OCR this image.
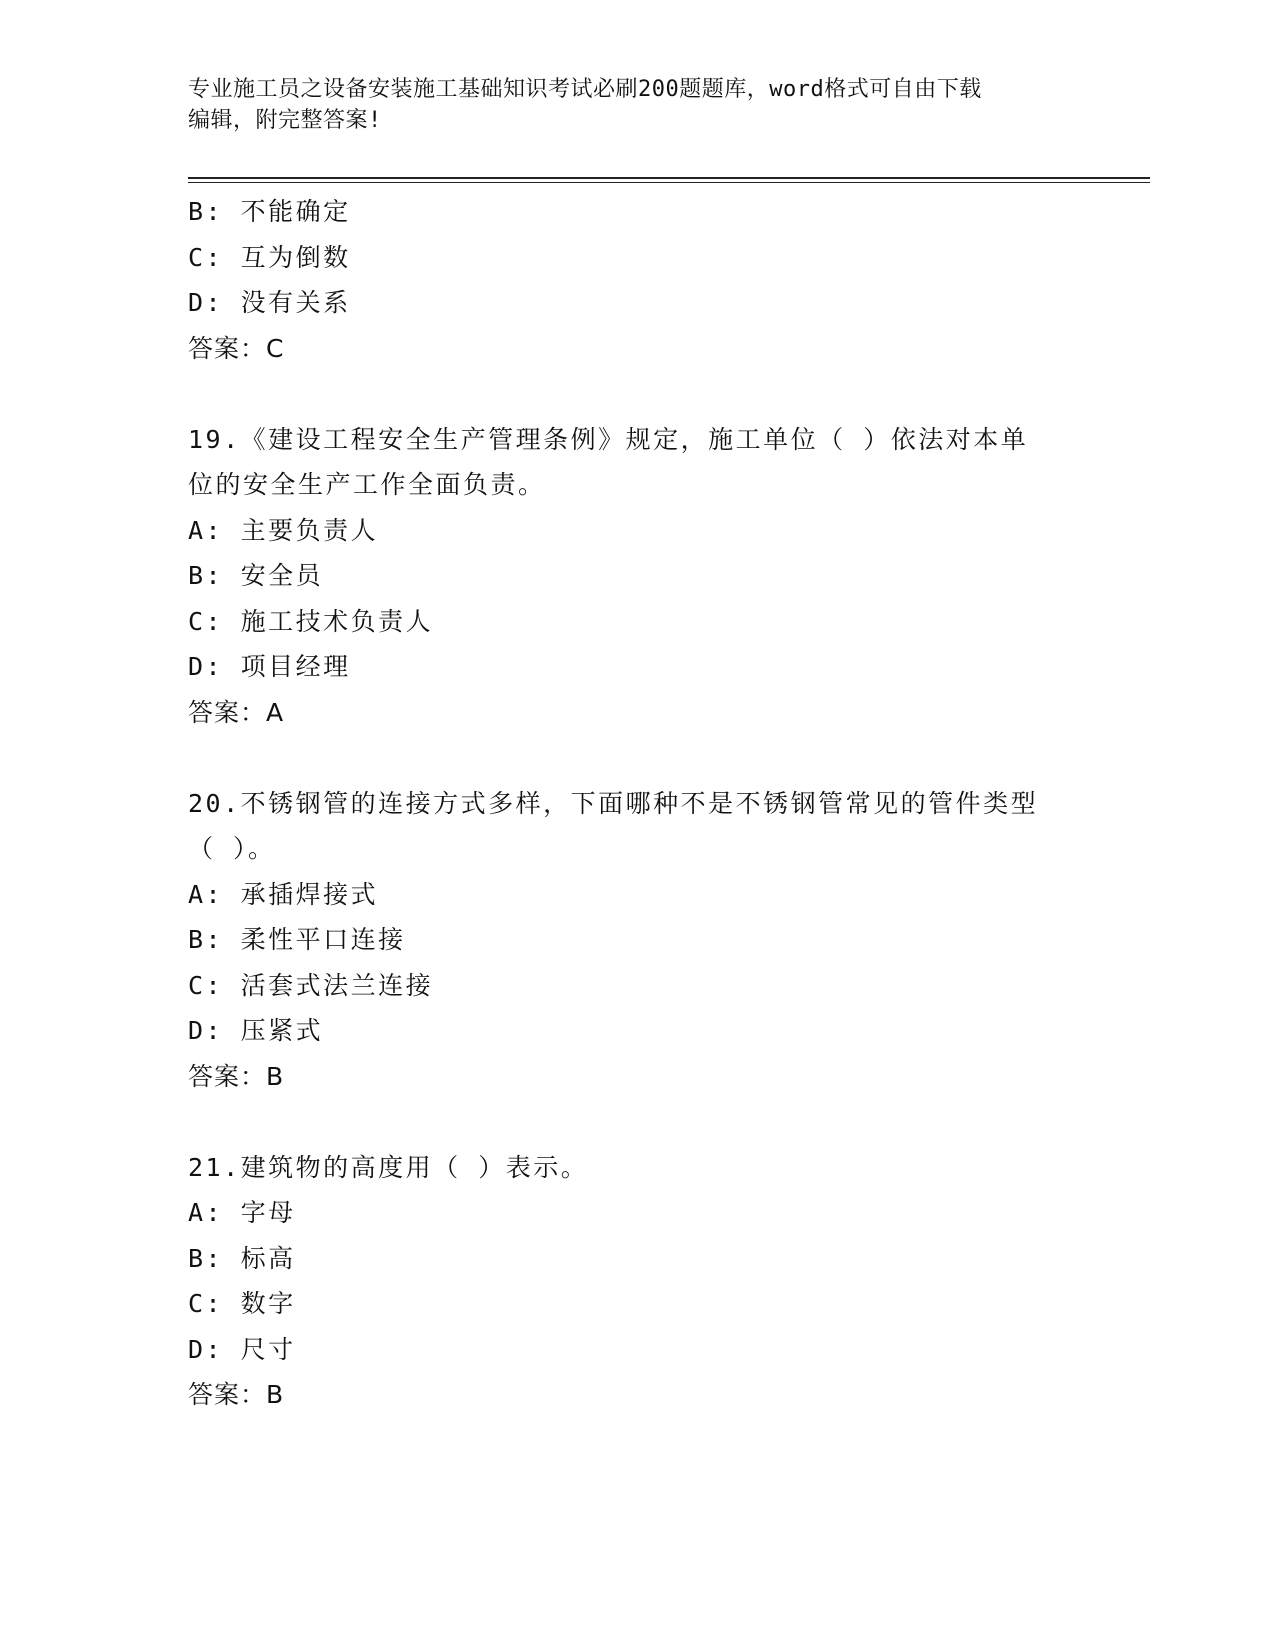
专业施工员之设备安装施工基础知识考试必刷200题题库，word格式可自由下载
编辑，附完整答案!
B: 不能确定
C: 互为倒数
D: 没有关系
答案：C
19.《建设工程安全生产管理条例》规定，施工单位（ ）依法对本单
位的安全生产工作全面负责。
A: 主要负责人
B: 安全员
C: 施工技术负责人
D: 项目经理
答案：A
20.不锈钢管的连接方式多样，下面哪种不是不锈钢管常见的管件类型
（ ）。
A: 承插焊接式
B: 柔性平口连接
C: 活套式法兰连接
D: 压紧式
答案：B
21.建筑物的高度用（ ）表示。
A: 字母
B: 标高
C: 数字
D: 尺寸
答案：B
